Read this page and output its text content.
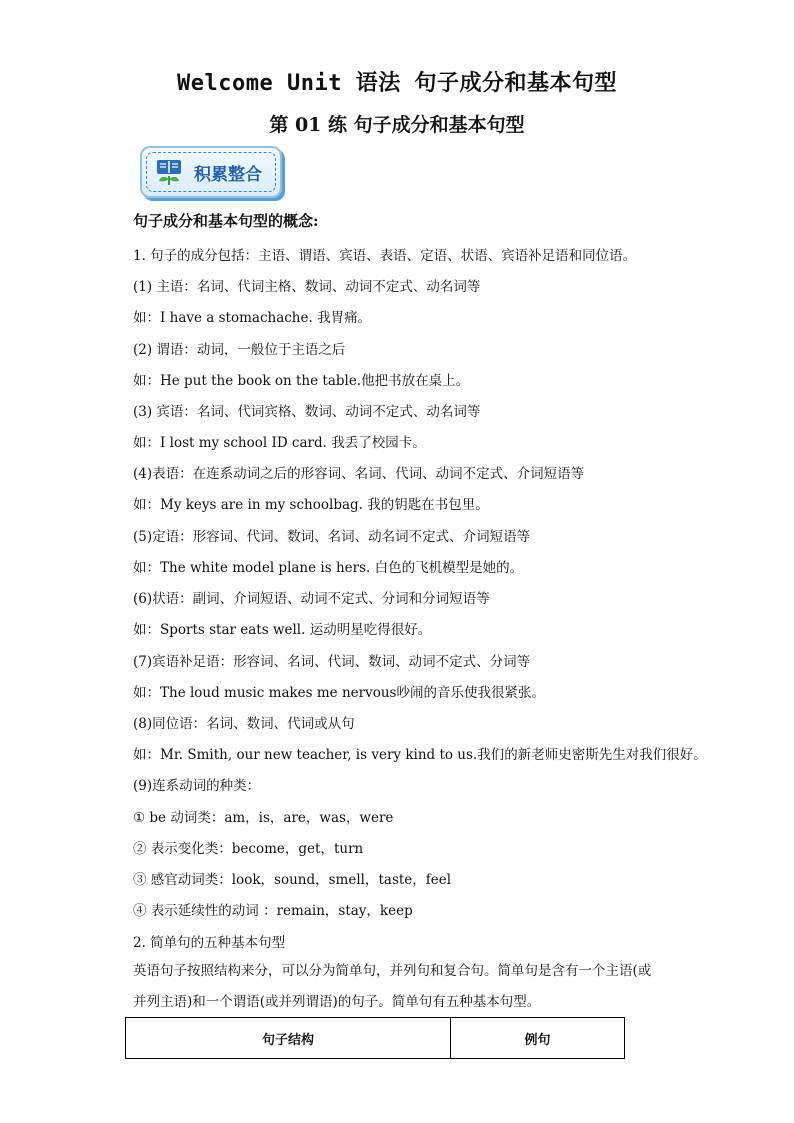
Welcome Unit 语法 句子成分和基本句型
第 01 练 句子成分和基本句型
积累整合
句子成分和基本句型的概念:
1. 句子的成分包括：主语、谓语、宾语、表语、定语、状语、宾语补足语和同位语。
(1) 主语：名词、代词主格、数词、动词不定式、动名词等
如：I have a stomachache. 我胃痛。
(2) 谓语：动词，一般位于主语之后
如：He put the book on the table.他把书放在桌上。
(3) 宾语：名词、代词宾格、数词、动词不定式、动名词等
如：I lost my school ID card. 我丢了校园卡。
(4)表语：在连系动词之后的形容词、名词、代词、动词不定式、介词短语等
如：My keys are in my schoolbag. 我的钥匙在书包里。
(5)定语：形容词、代词、数词、名词、动名词不定式、介词短语等
如：The white model plane is hers. 白色的飞机模型是她的。
(6)状语：副词、介词短语、动词不定式、分词和分词短语等
如：Sports star eats well. 运动明星吃得很好。
(7)宾语补足语：形容词、名词、代词、数词、动词不定式、分词等
如：The loud music makes me nervous吵闹的音乐使我很紧张。
(8)同位语：名词、数词、代词或从句
如：Mr. Smith, our new teacher, is very kind to us.我们的新老师史密斯先生对我们很好。
(9)连系动词的种类：
① be 动词类：am，is，are，was，were
② 表示变化类：become，get，turn
③ 感官动词类：look，sound，smell，taste，feel
④ 表示延续性的动词 ：remain，stay，keep
2. 简单句的五种基本句型
英语句子按照结构来分，可以分为简单句，并列句和复合句。简单句是含有一个主语(或并列主语)和一个谓语(或并列谓语)的句子。简单句有五种基本句型。
句子结构	例句
